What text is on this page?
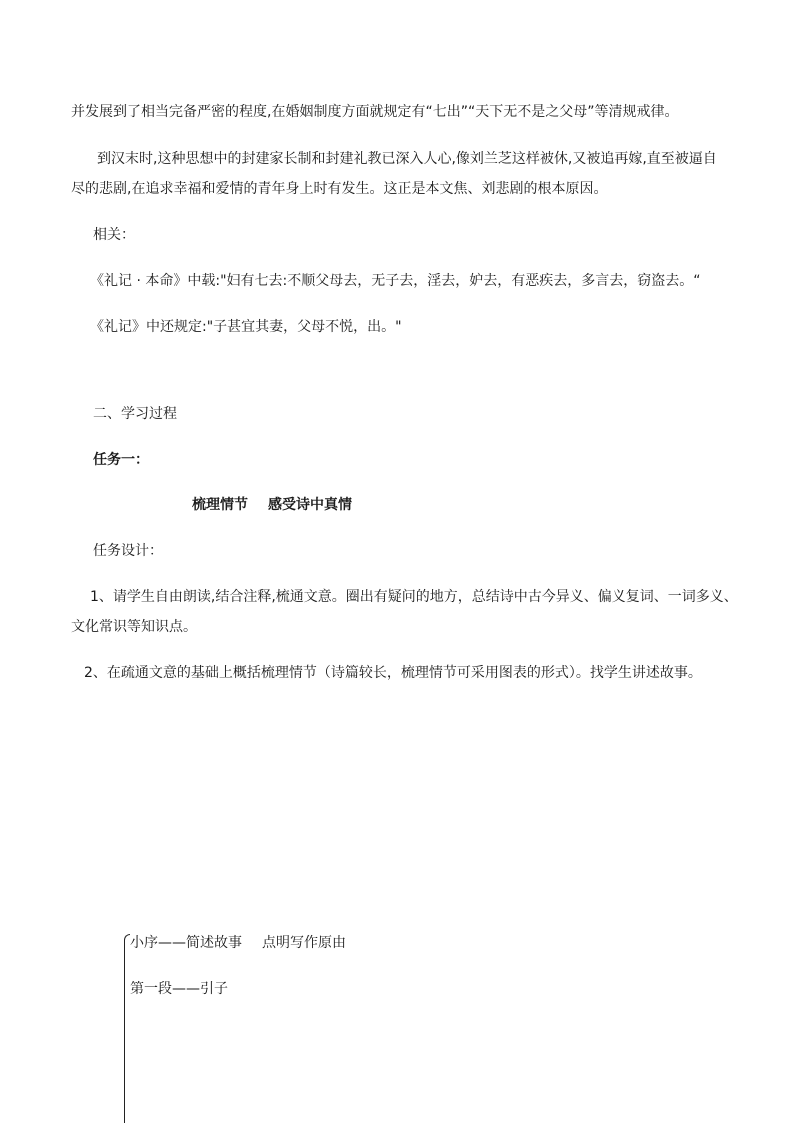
并发展到了相当完备严密的程度,在婚姻制度方面就规定有“七出”“天下无不是之父母”等清规戒律。
到汉末时,这种思想中的封建家长制和封建礼教已深入人心,像刘兰芝这样被休,又被追再嫁,直至被逼自
尽的悲剧,在追求幸福和爱情的青年身上时有发生。这正是本文焦、刘悲剧的根本原因。
相关：
《礼记 · 本命》中载:"妇有七去:不顺父母去，无子去，淫去，妒去，有恶疾去，多言去，窃盗去。“
《礼记》中还规定:"子甚宜其妻，父母不悦，出。"
二、学习过程
任务一：
梳理情节 感受诗中真情
任务设计：
1、请学生自由朗读,结合注释,梳通文意。圈出有疑问的地方，总结诗中古今异义、偏义复词、一词多义、
文化常识等知识点。
2、在疏通文意的基础上概括梳理情节（诗篇较长，梳理情节可采用图表的形式）。找学生讲述故事。
小序——简述故事 点明写作原由
第一段——引子
